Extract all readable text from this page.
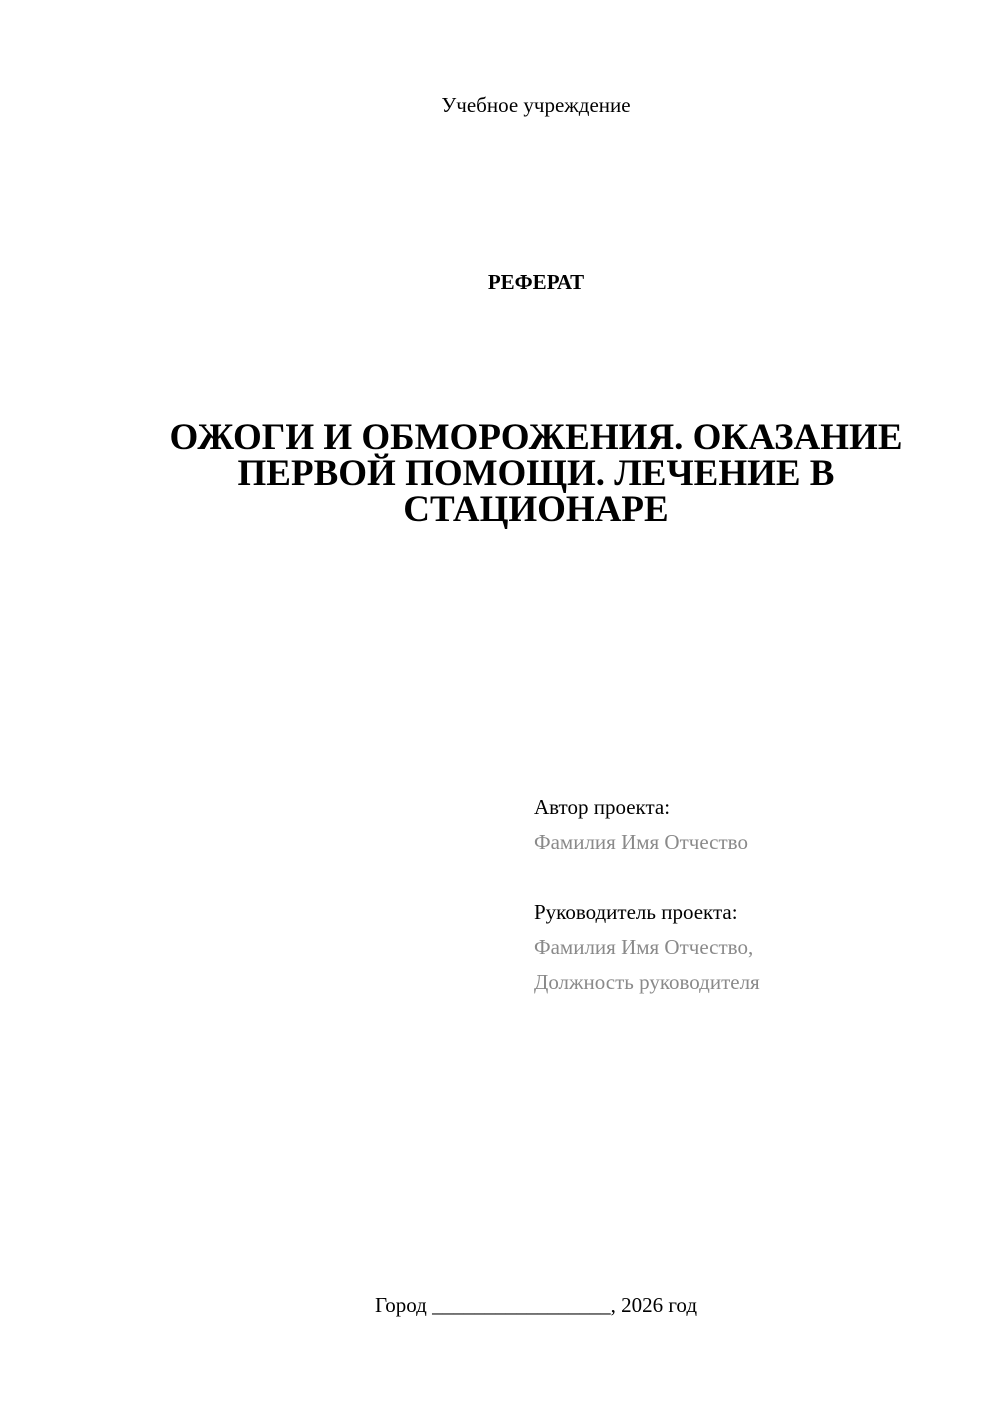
Учебное учреждение
РЕФЕРАТ
ОЖОГИ И ОБМОРОЖЕНИЯ. ОКАЗАНИЕ ПЕРВОЙ ПОМОЩИ. ЛЕЧЕНИЕ В СТАЦИОНАРЕ
Автор проекта:
Фамилия Имя Отчество
Руководитель проекта:
Фамилия Имя Отчество,
Должность руководителя
Город _________________, 2026 год
